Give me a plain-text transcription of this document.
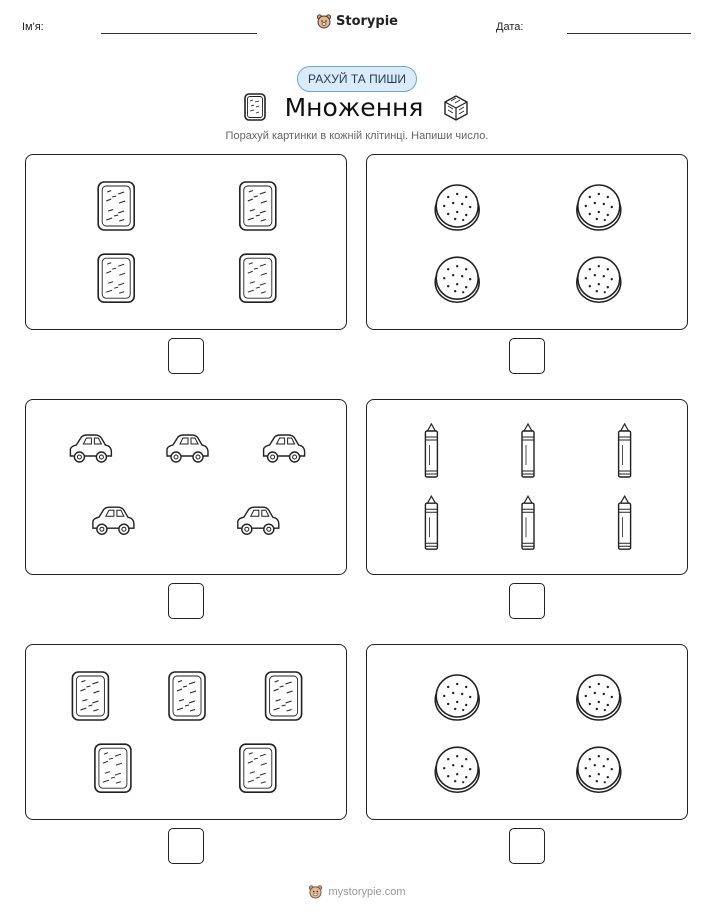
Ім'я:	Storypie	Дата:
РАХУЙ ТА ПИШИ
Множення
Порахуй картинки в кожній клітинці. Напиши число.
mystorypie.com
